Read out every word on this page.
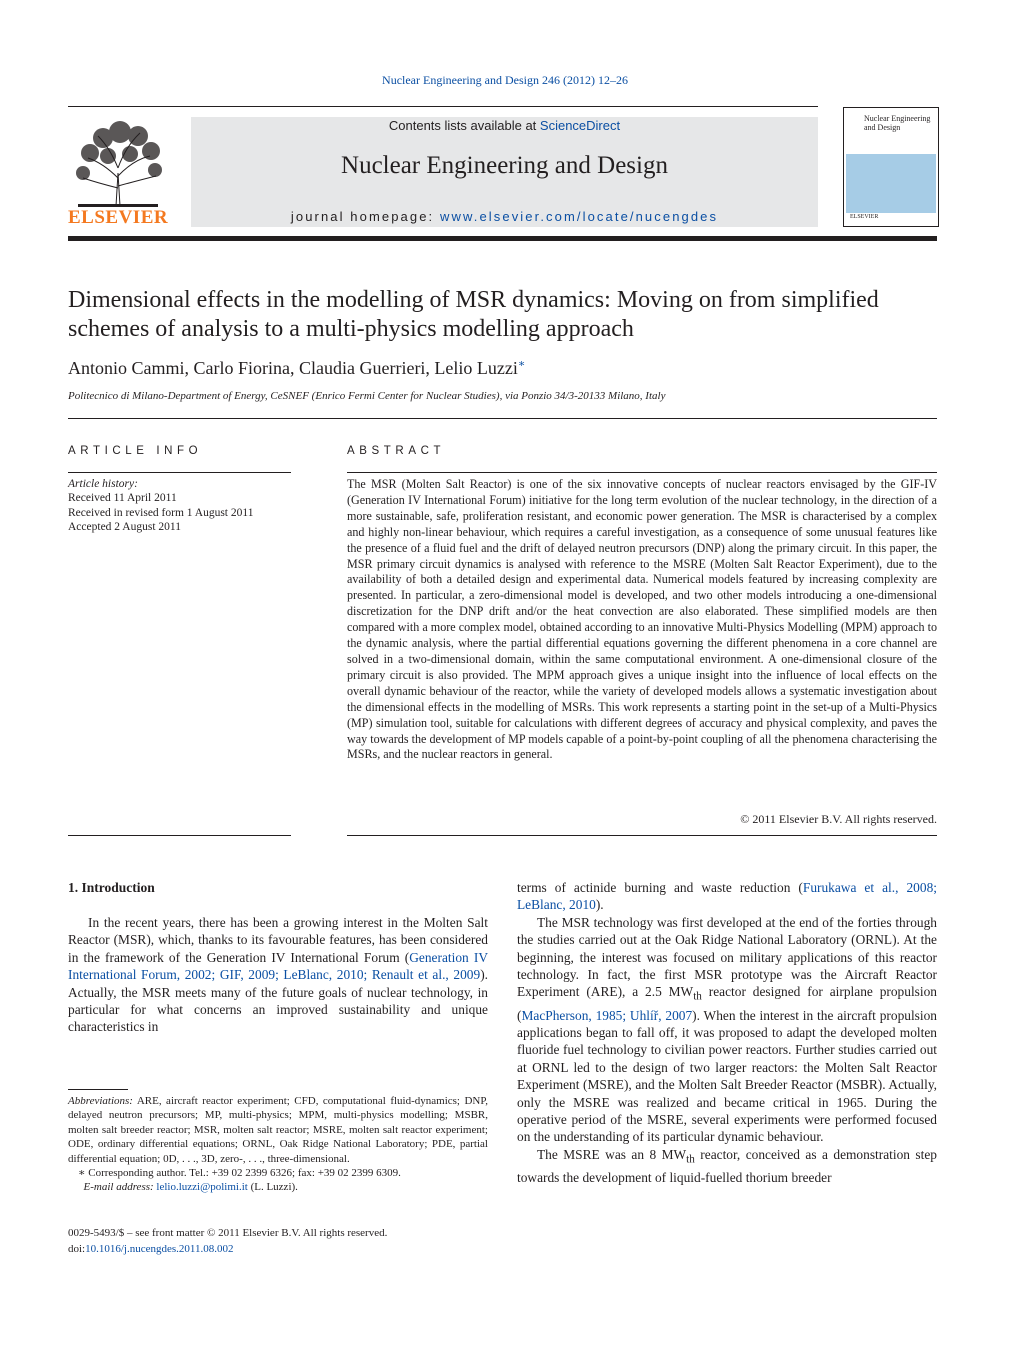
Nuclear Engineering and Design 246 (2012) 12–26
ELSEVIER
Contents lists available at ScienceDirect
Nuclear Engineering and Design
journal homepage: www.elsevier.com/locate/nucengdes
Nuclear Engineering and Design
ELSEVIER
Dimensional effects in the modelling of MSR dynamics: Moving on from simplified schemes of analysis to a multi-physics modelling approach
Antonio Cammi, Carlo Fiorina, Claudia Guerrieri, Lelio Luzzi∗
Politecnico di Milano-Department of Energy, CeSNEF (Enrico Fermi Center for Nuclear Studies), via Ponzio 34/3-20133 Milano, Italy
ARTICLE INFO
Article history:
Received 11 April 2011
Received in revised form 1 August 2011
Accepted 2 August 2011
ABSTRACT
The MSR (Molten Salt Reactor) is one of the six innovative concepts of nuclear reactors envisaged by the GIF-IV (Generation IV International Forum) initiative for the long term evolution of the nuclear technology, in the direction of a more sustainable, safe, proliferation resistant, and economic power generation. The MSR is characterised by a complex and highly non-linear behaviour, which requires a careful investigation, as a consequence of some unusual features like the presence of a fluid fuel and the drift of delayed neutron precursors (DNP) along the primary circuit. In this paper, the MSR primary circuit dynamics is analysed with reference to the MSRE (Molten Salt Reactor Experiment), due to the availability of both a detailed design and experimental data. Numerical models featured by increasing complexity are presented. In particular, a zero-dimensional model is developed, and two other models introducing a one-dimensional discretization for the DNP drift and/or the heat convection are also elaborated. These simplified models are then compared with a more complex model, obtained according to an innovative Multi-Physics Modelling (MPM) approach to the dynamic analysis, where the partial differential equations governing the different phenomena in a core channel are solved in a two-dimensional domain, within the same computational environment. A one-dimensional closure of the primary circuit is also provided. The MPM approach gives a unique insight into the influence of local effects on the overall dynamic behaviour of the reactor, while the variety of developed models allows a systematic investigation about the dimensional effects in the modelling of MSRs. This work represents a starting point in the set-up of a Multi-Physics (MP) simulation tool, suitable for calculations with different degrees of accuracy and physical complexity, and paves the way towards the development of MP models capable of a point-by-point coupling of all the phenomena characterising the MSRs, and the nuclear reactors in general.
© 2011 Elsevier B.V. All rights reserved.
1. Introduction
In the recent years, there has been a growing interest in the Molten Salt Reactor (MSR), which, thanks to its favourable features, has been considered in the framework of the Generation IV International Forum (Generation IV International Forum, 2002; GIF, 2009; LeBlanc, 2010; Renault et al., 2009). Actually, the MSR meets many of the future goals of nuclear technology, in particular for what concerns an improved sustainability and unique characteristics in

terms of actinide burning and waste reduction (Furukawa et al., 2008; LeBlanc, 2010).

The MSR technology was first developed at the end of the forties through the studies carried out at the Oak Ridge National Laboratory (ORNL). At the beginning, the interest was focused on military applications of this reactor technology. In fact, the first MSR prototype was the Aircraft Reactor Experiment (ARE), a 2.5 $MW_{th}$ reactor designed for airplane propulsion (MacPherson, 1985; Uhlíř, 2007). When the interest in the aircraft propulsion applications began to fall off, it was proposed to adapt the developed molten fluoride fuel technology to civilian power reactors. Further studies carried out at ORNL led to the design of two larger reactors: the Molten Salt Reactor Experiment (MSRE), and the Molten Salt Breeder Reactor (MSBR). Actually, only the MSRE was realized and became critical in 1965. During the operative period of the MSRE, several experiments were performed focused on the understanding of its particular dynamic behaviour.

The MSRE was an 8 $MW_{th}$ reactor, conceived as a demonstration step towards the development of liquid-fuelled thorium breeder

Abbreviations: ARE, aircraft reactor experiment; CFD, computational fluid-dynamics; DNP, delayed neutron precursors; MP, multi-physics; MPM, multi-physics modelling; MSBR, molten salt breeder reactor; MSR, molten salt reactor; MSRE, molten salt reactor experiment; ODE, ordinary differential equations; ORNL, Oak Ridge National Laboratory; PDE, partial differential equation; 0D, . . ., 3D, zero-, . . ., three-dimensional.
∗ Corresponding author. Tel.: +39 02 2399 6326; fax: +39 02 2399 6309.
E-mail address: lelio.luzzi@polimi.it (L. Luzzi).
0029-5493/$ – see front matter © 2011 Elsevier B.V. All rights reserved.
doi:10.1016/j.nucengdes.2011.08.002
